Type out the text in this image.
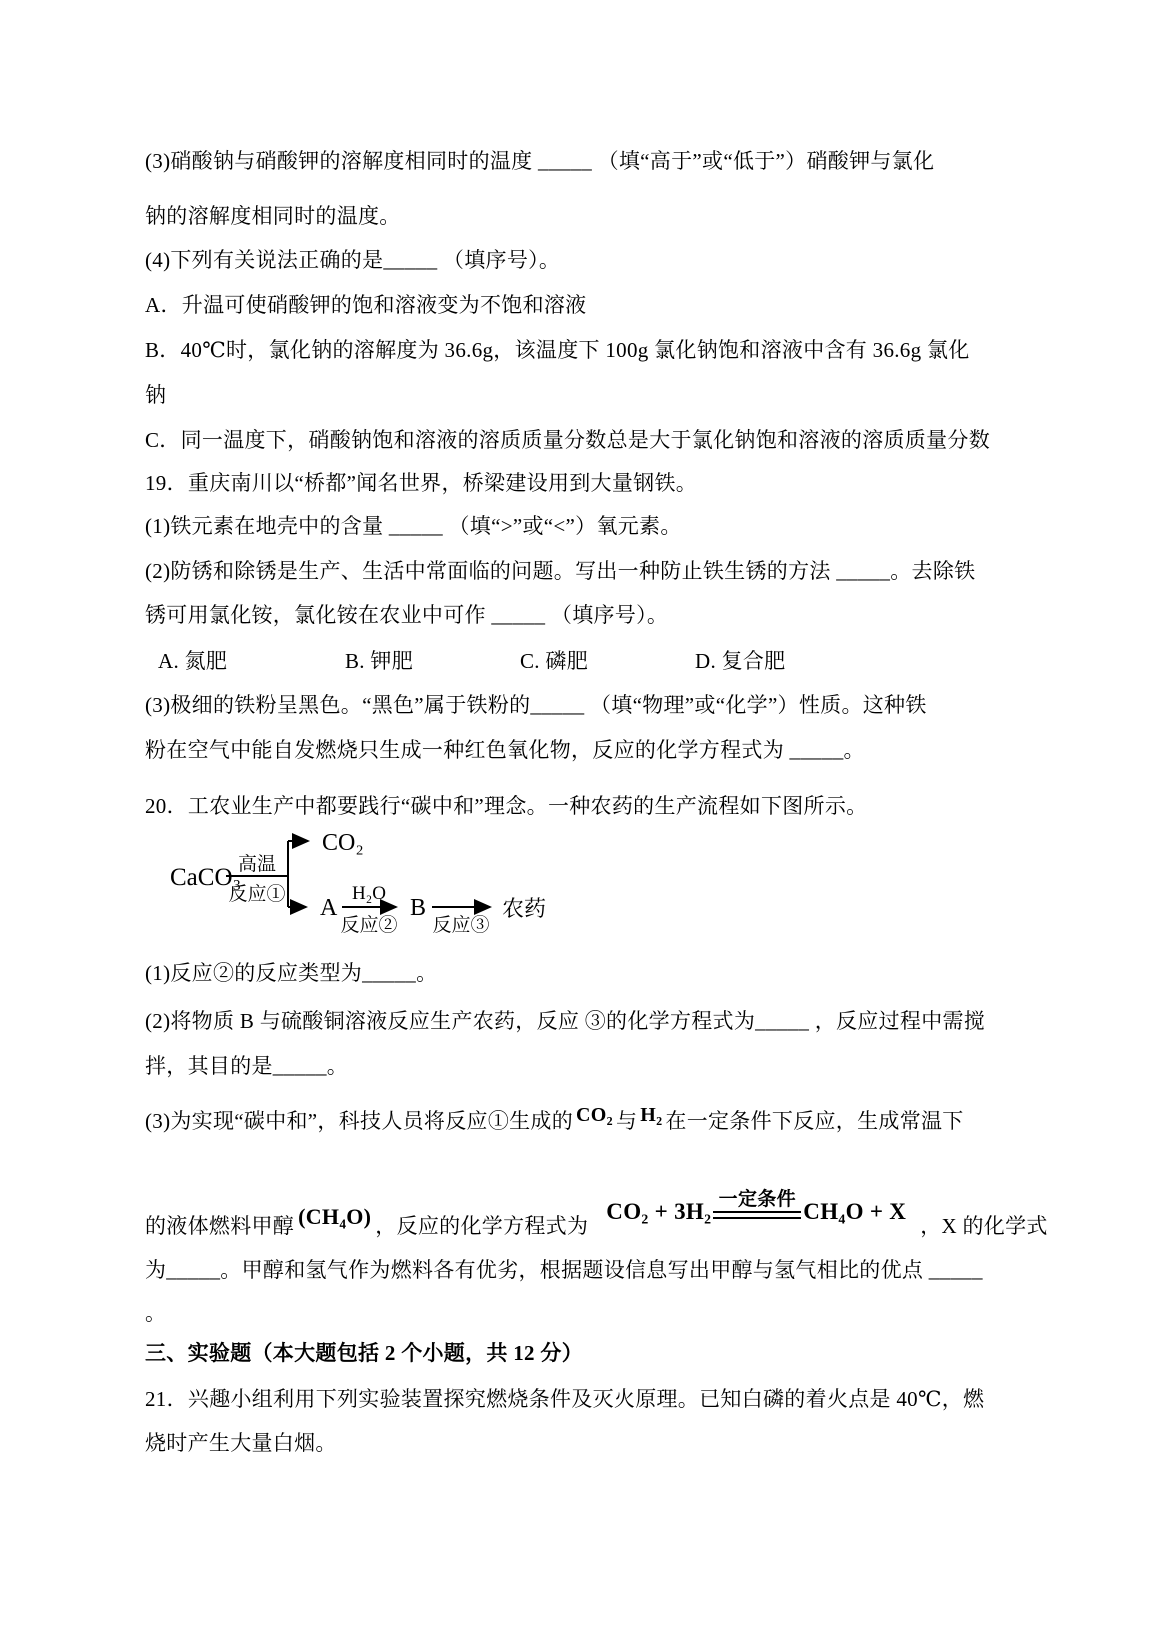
(3)硝酸钠与硝酸钾的溶解度相同时的温度 _____ （填“高于”或“低于”）硝酸钾与氯化
钠的溶解度相同时的温度。
(4)下列有关说法正确的是_____ （填序号）。
A．升温可使硝酸钾的饱和溶液变为不饱和溶液
B．40℃时，氯化钠的溶解度为 36.6g，该温度下 100g 氯化钠饱和溶液中含有 36.6g 氯化
钠
C．同一温度下，硝酸钠饱和溶液的溶质质量分数总是大于氯化钠饱和溶液的溶质质量分数
19．重庆南川以“桥都”闻名世界，桥梁建设用到大量钢铁。
(1)铁元素在地壳中的含量 _____ （填“>”或“<”）氧元素。
(2)防锈和除锈是生产、生活中常面临的问题。写出一种防止铁生锈的方法 _____。去除铁
锈可用氯化铵，氯化铵在农业中可作 _____ （填序号）。
A. 氮肥	B. 钾肥	C. 磷肥	D. 复合肥
(3)极细的铁粉呈黑色。“黑色”属于铁粉的_____ （填“物理”或“化学”）性质。这种铁
粉在空气中能自发燃烧只生成一种红色氧化物，反应的化学方程式为 _____。
20．工农业生产中都要践行“碳中和”理念。一种农药的生产流程如下图所示。
CaCO₃
高温
反应①
CO₂
A
H₂O
反应②
B
反应③
农药
(1)反应②的反应类型为_____。
(2)将物质 B 与硫酸铜溶液反应生产农药，反应 ③的化学方程式为_____ ，反应过程中需搅
拌，其目的是_____。
(3)为实现“碳中和”，科技人员将反应①生成的 CO₂ 与 H₂ 在一定条件下反应，生成常温下
的液体燃料甲醇 (CH₄O) ，反应的化学方程式为
CO₂ + 3H₂ 一定条件 CH₄O + X
，X 的化学式
为_____。甲醇和氢气作为燃料各有优劣，根据题设信息写出甲醇与氢气相比的优点 _____
。
三、实验题（本大题包括 2 个小题，共 12 分）
21．兴趣小组利用下列实验装置探究燃烧条件及灭火原理。已知白磷的着火点是 40℃，燃
烧时产生大量白烟。
